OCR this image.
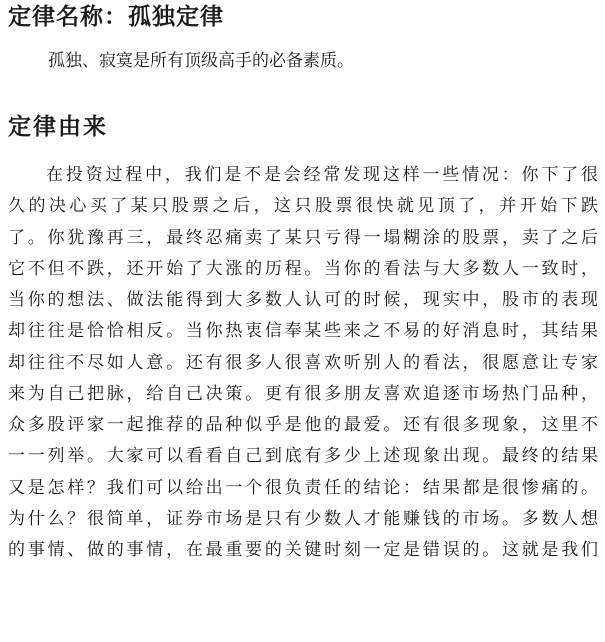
定律名称：孤独定律
孤独、寂寞是所有顶级高手的必备素质。
定律由来
在投资过程中，我们是不是会经常发现这样一些情况：你下了很
久的决心买了某只股票之后，这只股票很快就见顶了，并开始下跌
了。你犹豫再三，最终忍痛卖了某只亏得一塌糊涂的股票，卖了之后
它不但不跌，还开始了大涨的历程。当你的看法与大多数人一致时，
当你的想法、做法能得到大多数人认可的时候，现实中，股市的表现
却往往是恰恰相反。当你热衷信奉某些来之不易的好消息时，其结果
却往往不尽如人意。还有很多人很喜欢听别人的看法，很愿意让专家
来为自己把脉，给自己决策。更有很多朋友喜欢追逐市场热门品种，
众多股评家一起推荐的品种似乎是他的最爱。还有很多现象，这里不
一一列举。大家可以看看自己到底有多少上述现象出现。最终的结果
又是怎样？我们可以给出一个很负责任的结论：结果都是很惨痛的。
为什么？很简单，证券市场是只有少数人才能赚钱的市场。多数人想
的事情、做的事情，在最重要的关键时刻一定是错误的。这就是我们
